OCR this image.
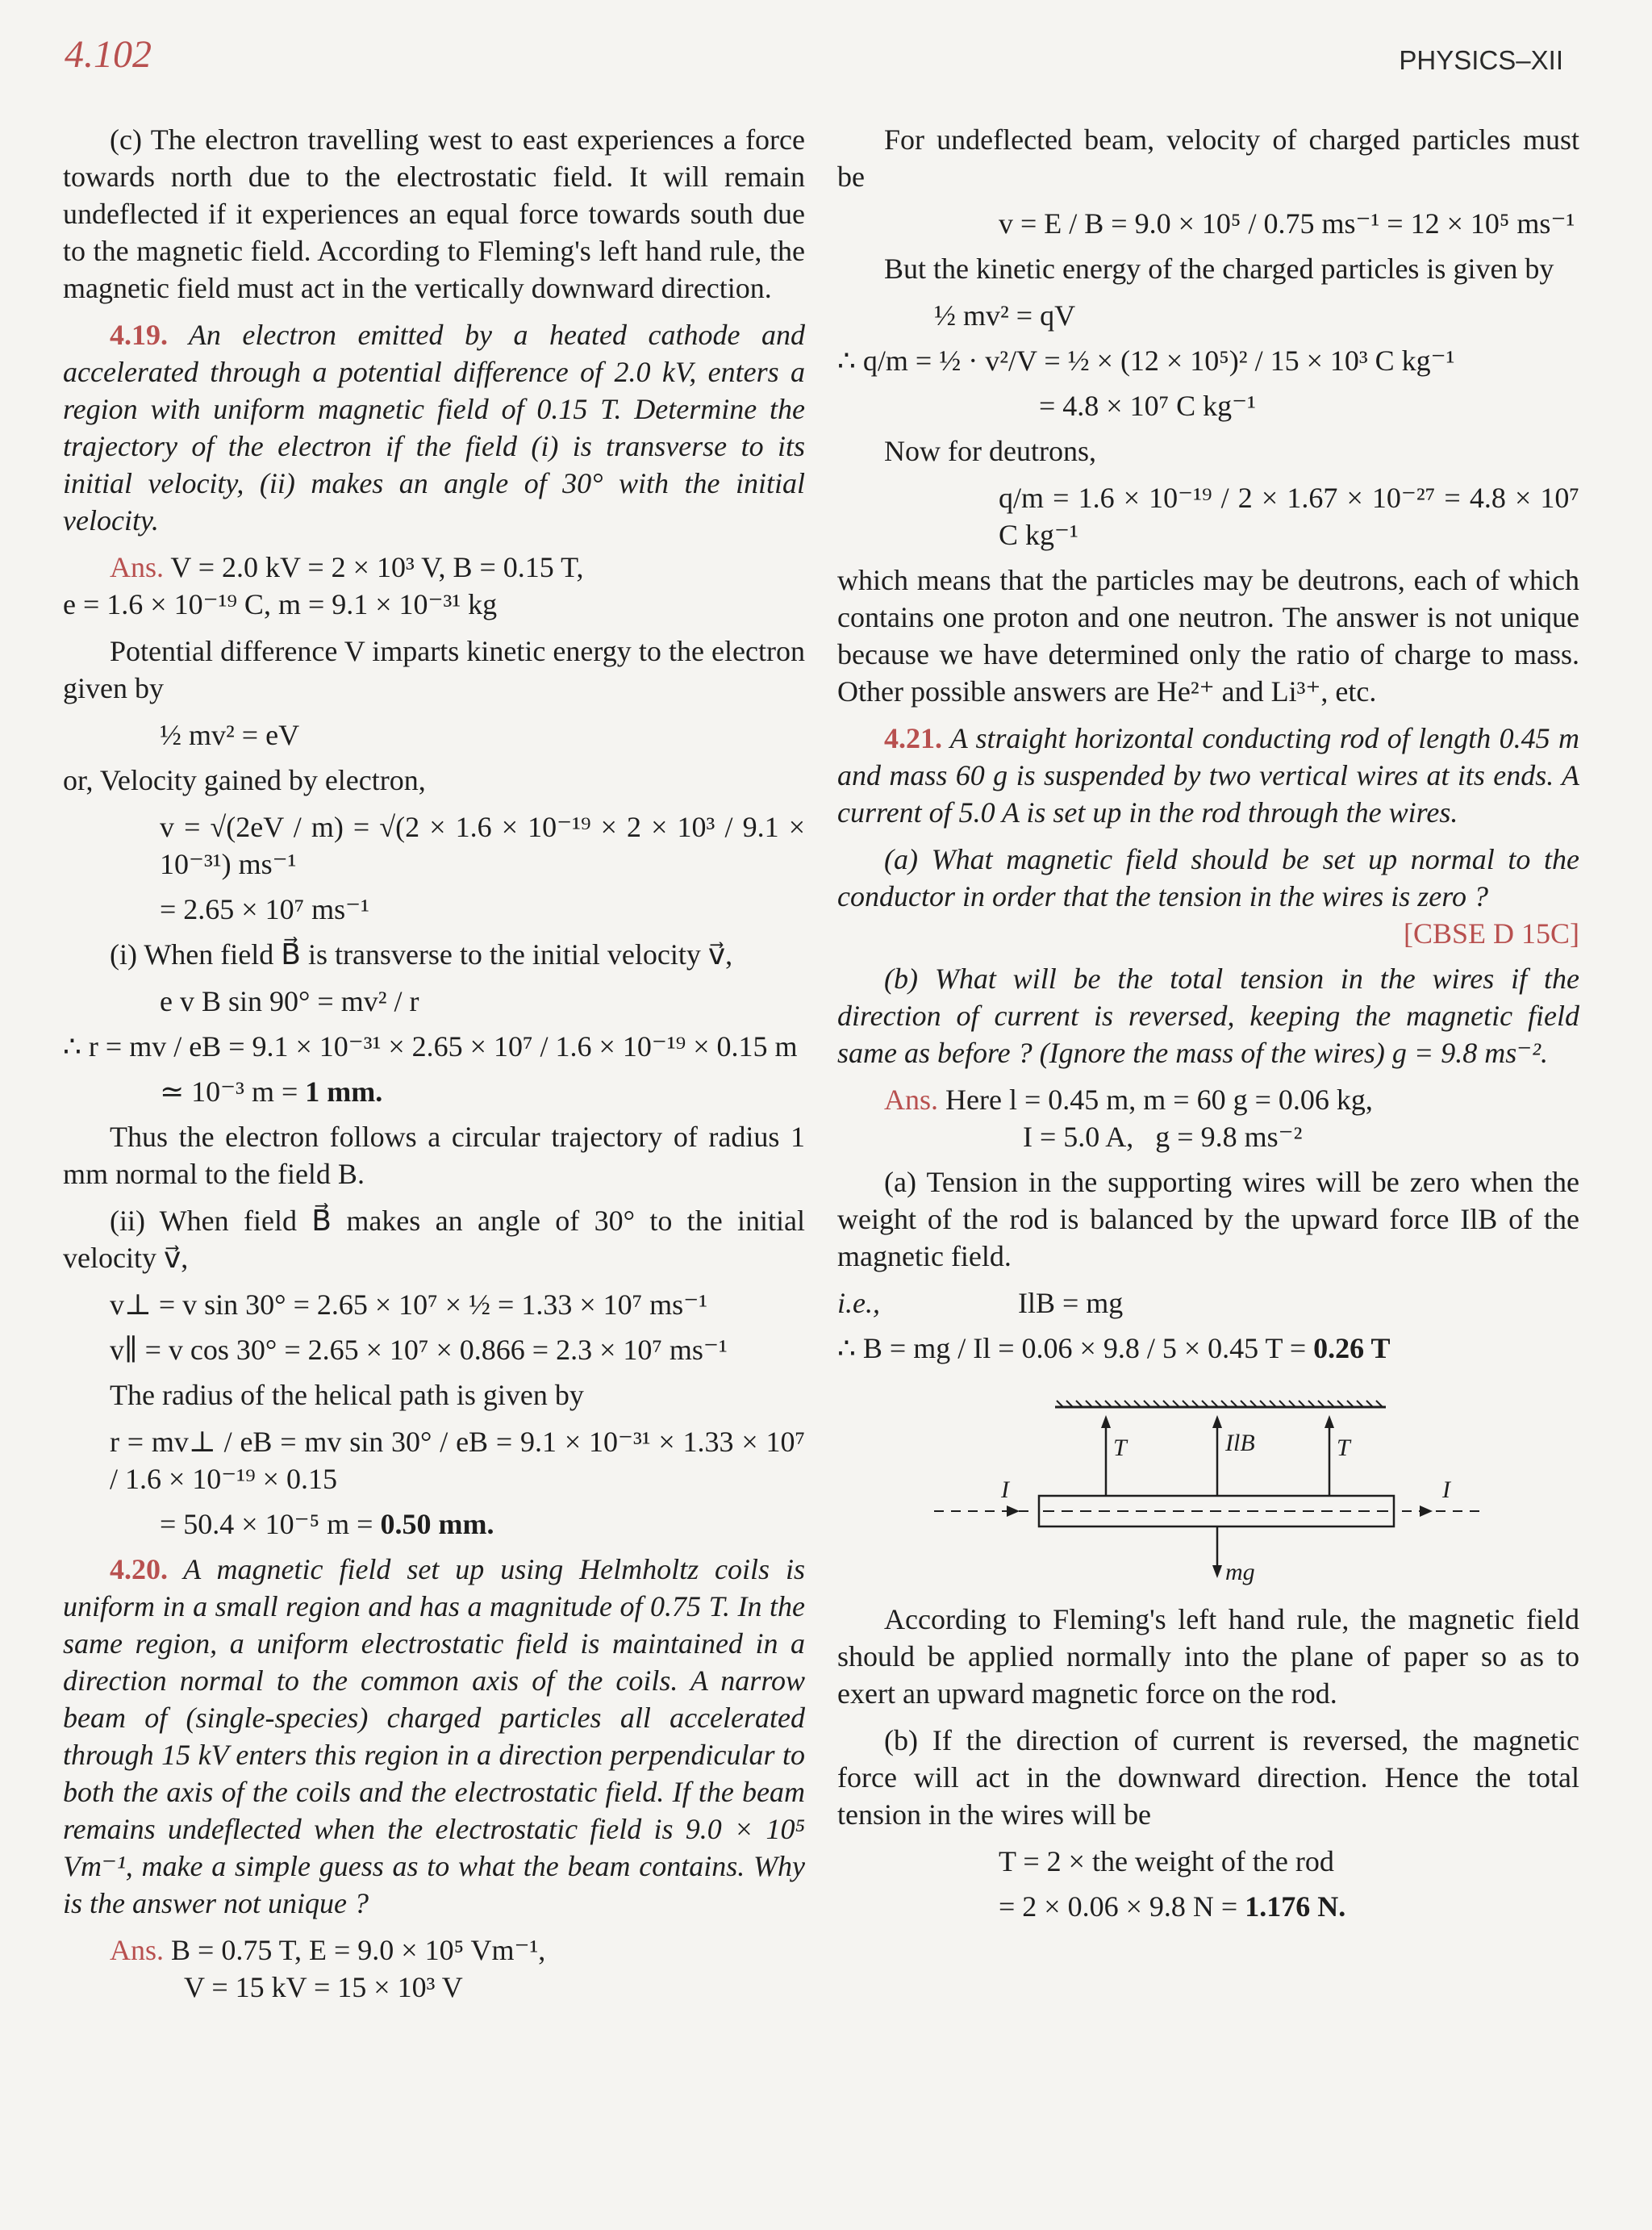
4.102	PHYSICS–XII

(c) The electron travelling west to east experiences a force towards north due to the electrostatic field. It will remain undeflected if it experiences an equal force towards south due to the magnetic field. According to Fleming's left hand rule, the magnetic field must act in the vertically downward direction.

4.19. An electron emitted by a heated cathode and accelerated through a potential difference of 2.0 kV, enters a region with uniform magnetic field of 0.15 T. Determine the trajectory of the electron if the field (i) is transverse to its initial velocity, (ii) makes an angle of 30° with the initial velocity.

Ans. V = 2.0 kV = 2 × 10³ V, B = 0.15 T,

e = 1.6 × 10⁻¹⁹ C, m = 9.1 × 10⁻³¹ kg

Potential difference V imparts kinetic energy to the electron given by

½ mv² = eV

or, Velocity gained by electron,

v = √(2eV / m) = √(2 × 1.6 × 10⁻¹⁹ × 2 × 10³ / 9.1 × 10⁻³¹) ms⁻¹

= 2.65 × 10⁷ ms⁻¹

(i) When field B⃗ is transverse to the initial velocity v⃗,

e v B sin 90° = mv² / r

∴ r = mv / eB = 9.1 × 10⁻³¹ × 2.65 × 10⁷ / 1.6 × 10⁻¹⁹ × 0.15 m

≃ 10⁻³ m = 1 mm.

Thus the electron follows a circular trajectory of radius 1 mm normal to the field B.

(ii) When field B⃗ makes an angle of 30° to the initial velocity v⃗,

v⊥ = v sin 30° = 2.65 × 10⁷ × ½ = 1.33 × 10⁷ ms⁻¹

v∥ = v cos 30° = 2.65 × 10⁷ × 0.866 = 2.3 × 10⁷ ms⁻¹

The radius of the helical path is given by

r = mv⊥ / eB = mv sin 30° / eB = 9.1 × 10⁻³¹ × 1.33 × 10⁷ / 1.6 × 10⁻¹⁹ × 0.15

= 50.4 × 10⁻⁵ m = 0.50 mm.

4.20. A magnetic field set up using Helmholtz coils is uniform in a small region and has a magnitude of 0.75 T. In the same region, a uniform electrostatic field is maintained in a direction normal to the common axis of the coils. A narrow beam of (single-species) charged particles all accelerated through 15 kV enters this region in a direction perpendicular to both the axis of the coils and the electrostatic field. If the beam remains undeflected when the electrostatic field is 9.0 × 10⁵ Vm⁻¹, make a simple guess as to what the beam contains. Why is the answer not unique ?

Ans. B = 0.75 T, E = 9.0 × 10⁵ Vm⁻¹,

V = 15 kV = 15 × 10³ V

For undeflected beam, velocity of charged particles must be

v = E / B = 9.0 × 10⁵ / 0.75 ms⁻¹ = 12 × 10⁵ ms⁻¹

But the kinetic energy of the charged particles is given by

½ mv² = qV

∴ q/m = ½ · v²/V = ½ × (12 × 10⁵)² / 15 × 10³ C kg⁻¹

= 4.8 × 10⁷ C kg⁻¹

Now for deutrons,

q/m = 1.6 × 10⁻¹⁹ / 2 × 1.67 × 10⁻²⁷ = 4.8 × 10⁷ C kg⁻¹

which means that the particles may be deutrons, each of which contains one proton and one neutron. The answer is not unique because we have determined only the ratio of charge to mass. Other possible answers are He²⁺ and Li³⁺, etc.

4.21. A straight horizontal conducting rod of length 0.45 m and mass 60 g is suspended by two vertical wires at its ends. A current of 5.0 A is set up in the rod through the wires.

(a) What magnetic field should be set up normal to the conductor in order that the tension in the wires is zero ?

[CBSE D 15C]

(b) What will be the total tension in the wires if the direction of current is reversed, keeping the magnetic field same as before ? (Ignore the mass of the wires) g = 9.8 ms⁻².

Ans. Here l = 0.45 m, m = 60 g = 0.06 kg,

I = 5.0 A,   g = 9.8 ms⁻²

(a) Tension in the supporting wires will be zero when the weight of the rod is balanced by the upward force IlB of the magnetic field.

i.e.,	IlB = mg

∴ B = mg / Il = 0.06 × 9.8 / 5 × 0.45 T = 0.26 T

T	T
IlB
mg
I	I

According to Fleming's left hand rule, the magnetic field should be applied normally into the plane of paper so as to exert an upward magnetic force on the rod.

(b) If the direction of current is reversed, the magnetic force will act in the downward direction. Hence the total tension in the wires will be

T = 2 × the weight of the rod

= 2 × 0.06 × 9.8 N = 1.176 N.
